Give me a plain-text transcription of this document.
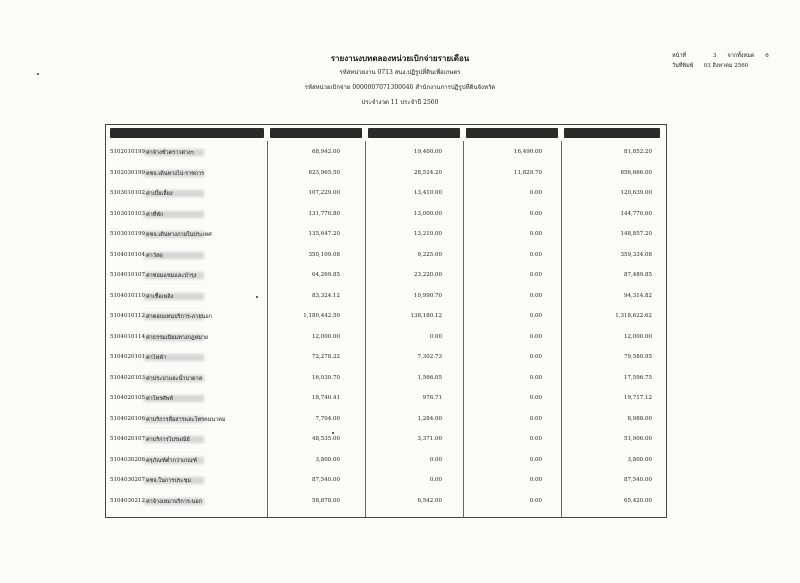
รายงานงบทดลองหน่วยเบิกจ่ายรายเดือน
รหัสหน่วยงาน 0713 สนง.ปฏิรูปที่ดินเพื่อเกษตร
รหัสหน่วยเบิกจ่าย 0000007071300046 สำนักงานการปฏิรูปที่ดินจังหวัด
ประจำงวด 11 ประจำปี 2560
หน้าที่	3 จากทั้งหมด 6
วันที่พิมพ์ 03 สิงหาคม 2560
5102010199 ค่าจ้างชั่วคราวต่างๆ	68,942.00	19,400.00	16,490.00	81,852.20
5102030199 คชจ.เดินทางไป-ราชการ	823,965.50	28,524.20	11,829.70	856,666.00
5103010102 ค่าเบี้ยเลี้ยง	107,229.00	13,410.00	0.00	120,639.00
5103010103 ค่าที่พัก	131,770.80	13,000.00	0.00	144,770.60
5103010199 คชจ.เดินทางภายในประเทศ	135,647.20	13,210.00	0.00	148,857.20
5104010104 ค่าวัสดุ	350,109.08	9,225.00	0.00	359,334.08
5104010107 ค่าซ่อมแซมและบำรุง	64,269.85	23,220.00	0.00	87,489.85
5104010110 ค่าเชื้อเพลิง	83,324.12	10,990.70	0.00	94,314.82
5104010112 ค่าตอบแทนบริการ-ภายนอก	1,180,442.50	138,180.12	0.00	1,318,622.62
5104010114 ค่าธรรมเนียมทางกฎหมาย	12,000.00	0.00	0.00	12,000.00
5104020101 ค่าไฟฟ้า	72,278.22	7,302.73	0.00	79,580.95
5104020103 ค่าประปาและน้ำบาดาล	16,030.70	1,566.05	0.00	17,596.75
5104020105 ค่าโทรศัพท์	18,740.41	976.71	0.00	19,717.12
5104020106 ค่าบริการสื่อสารและโทรคมนาคม	7,704.00	1,284.00	0.00	8,988.00
5104020107 ค่าบริการไปรษณีย์	48,535.00	3,371.00	0.00	51,906.00
5104030206 ครุภัณฑ์ต่ำกว่าเกณฑ์	3,800.00	0.00	0.00	3,800.00
5104030207 คชจ.ในการประชุม	87,540.00	0.00	0.00	87,540.00
5104030212 ค่าจ้างเหมาบริการ-นอก	58,878.00	6,542.00	0.00	65,420.00
